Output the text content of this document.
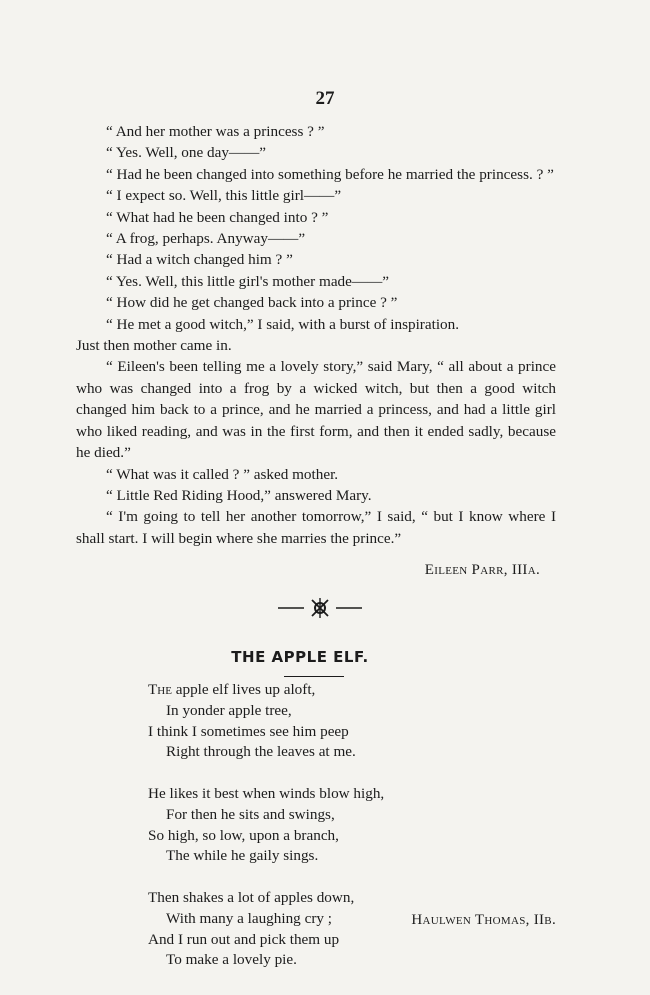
27

“ And her mother was a princess ? ”

“ Yes. Well, one day——”

“ Had he been changed into something before he married the princess. ? ”

“ I expect so. Well, this little girl——”

“ What had he been changed into ? ”

“ A frog, perhaps. Anyway——”

“ Had a witch changed him ? ”

“ Yes. Well, this little girl's mother made——”

“ How did he get changed back into a prince ? ”

“ He met a good witch,” I said, with a burst of inspiration.

Just then mother came in.

“ Eileen's been telling me a lovely story,” said Mary, “ all about a prince who was changed into a frog by a wicked witch, but then a good witch changed him back to a prince, and he married a princess, and had a little girl who liked reading, and was in the first form, and then it ended sadly, because he died.”

“ What was it called ? ” asked mother.

“ Little Red Riding Hood,” answered Mary.

“ I'm going to tell her another tomorrow,” I said, “ but I know where I shall start. I will begin where she marries the prince.”

Eileen Parr, IIIa.
THE APPLE ELF.
The apple elf lives up aloft,
In yonder apple tree,
I think I sometimes see him peep
Right through the leaves at me.
He likes it best when winds blow high,
For then he sits and swings,
So high, so low, upon a branch,
The while he gaily sings.
Then shakes a lot of apples down,
With many a laughing cry ;
And I run out and pick them up
To make a lovely pie.
Haulwen Thomas, IIb.
